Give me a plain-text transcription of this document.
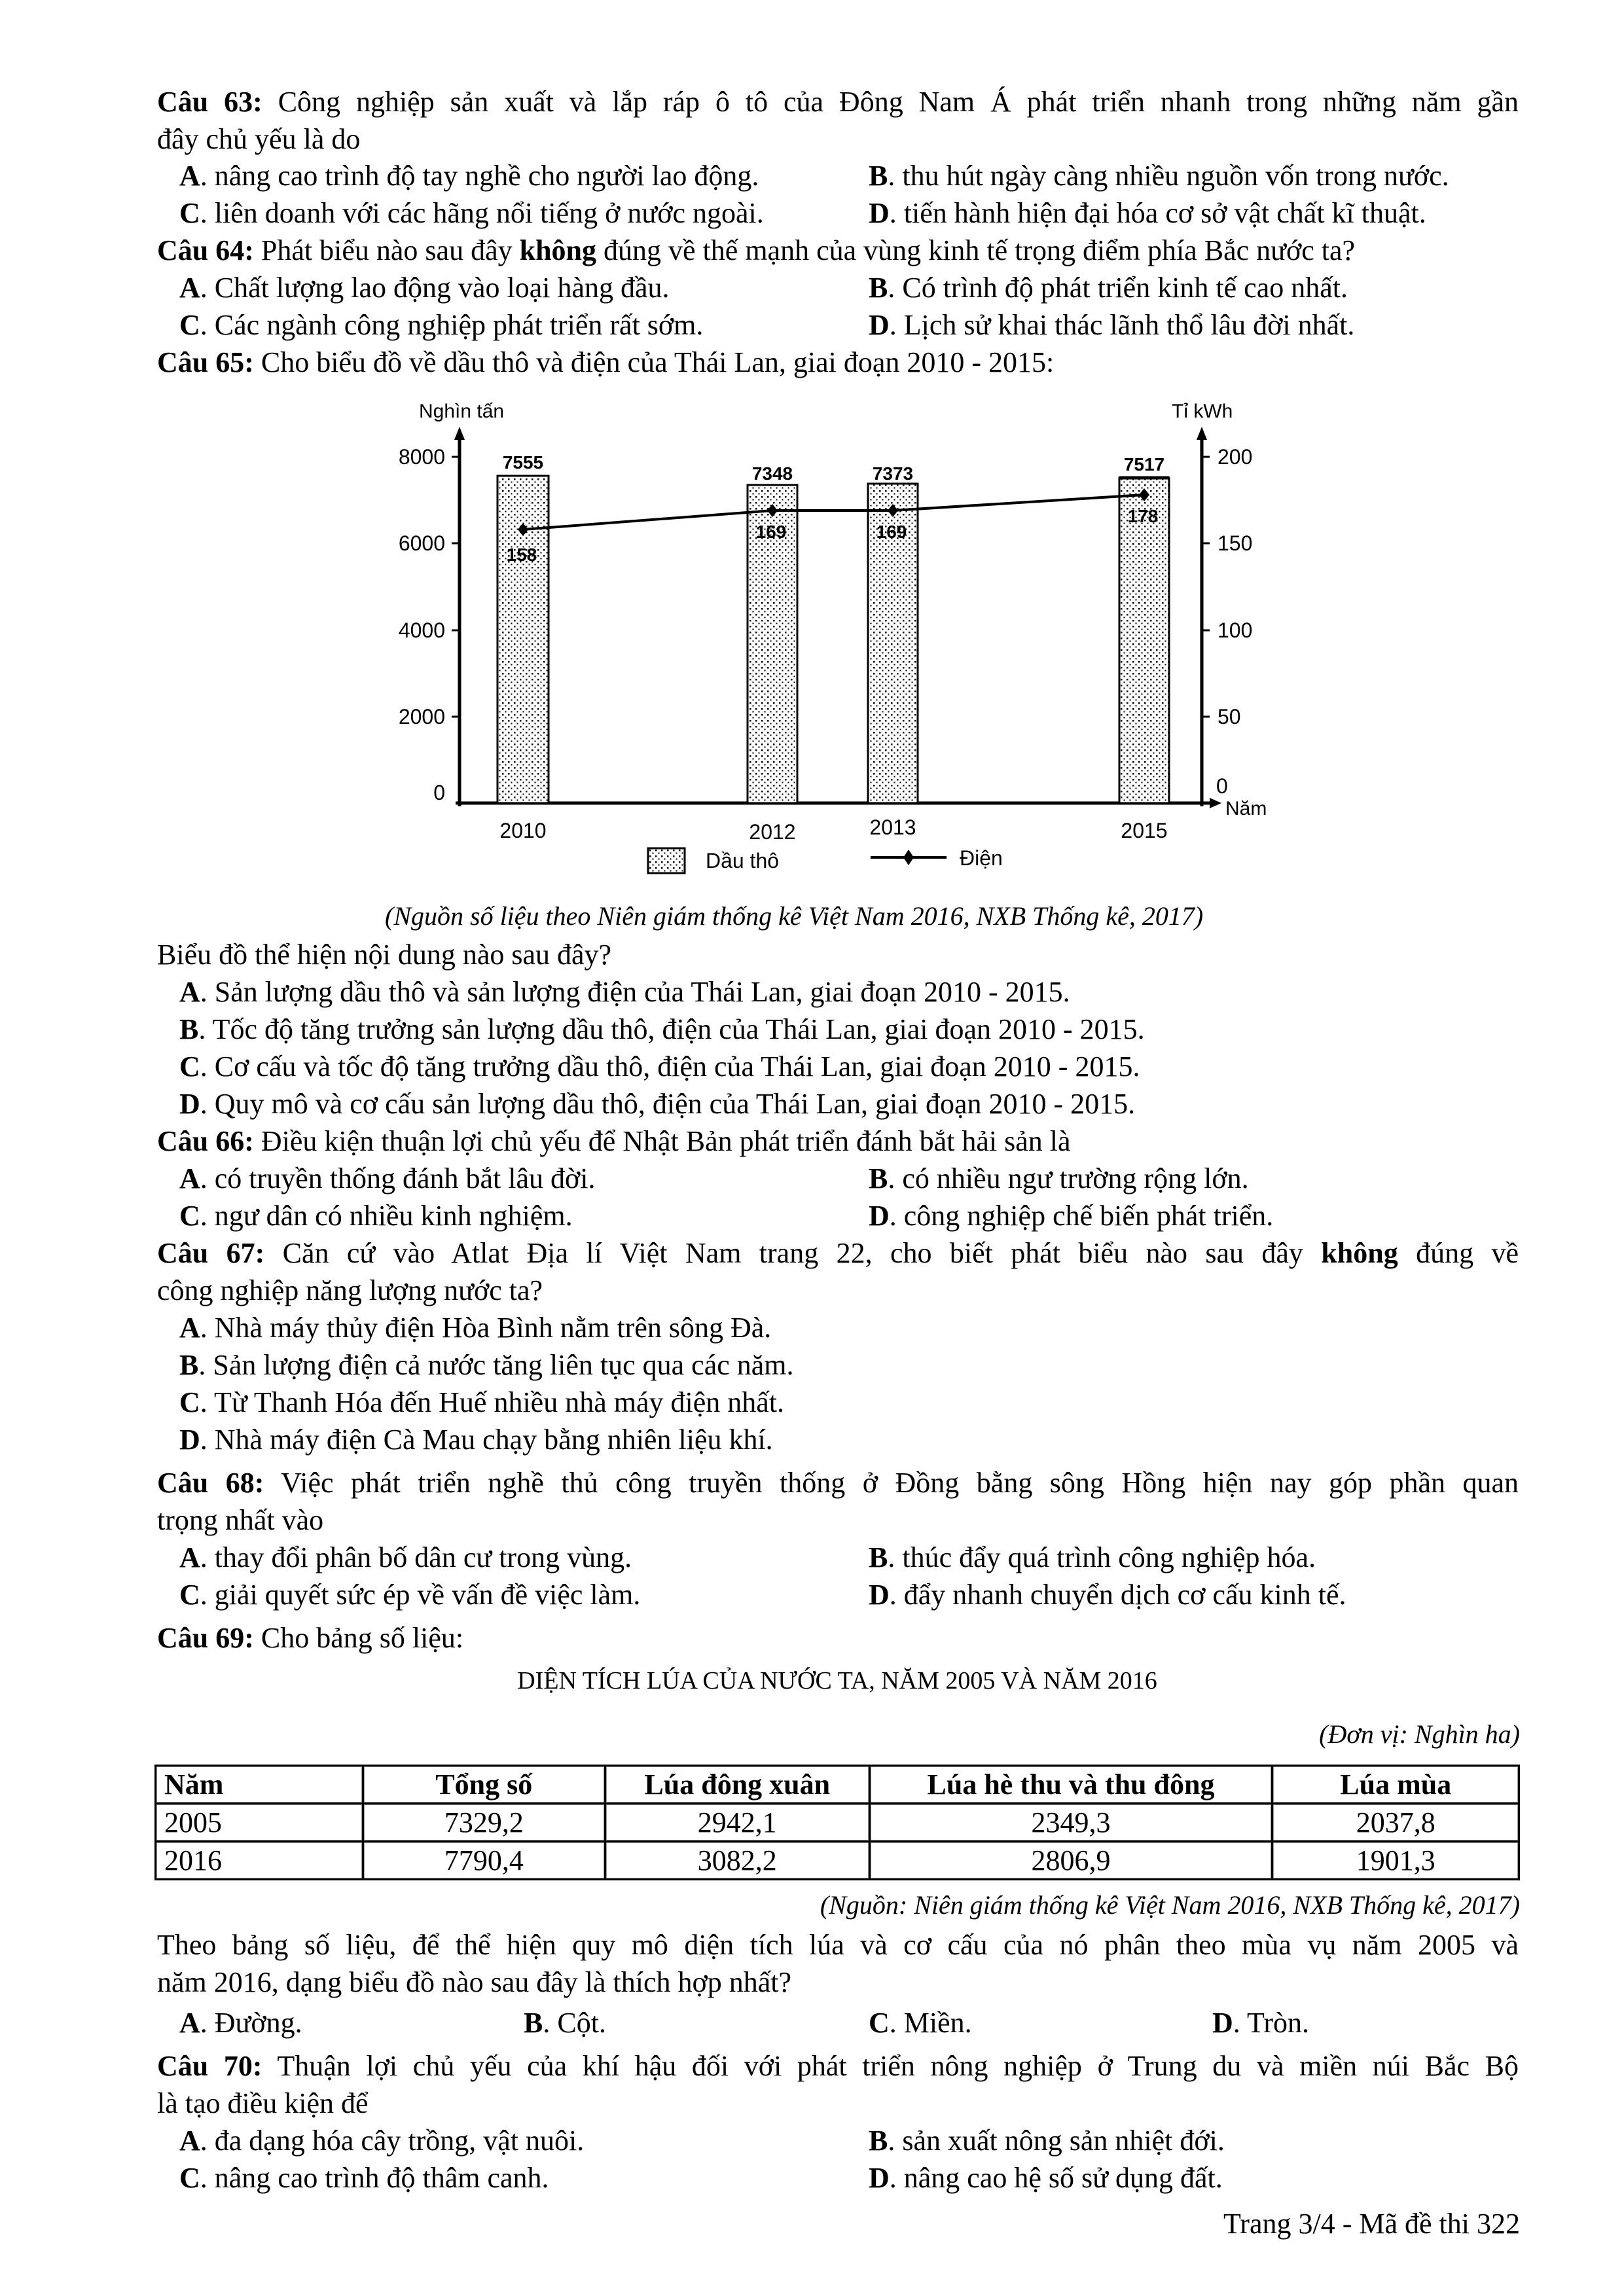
Câu 63: Công nghiệp sản xuất và lắp ráp ô tô của Đông Nam Á phát triển nhanh trong những năm gần
đây chủ yếu là do
A. nâng cao trình độ tay nghề cho người lao động.	B. thu hút ngày càng nhiều nguồn vốn trong nước.
C. liên doanh với các hãng nổi tiếng ở nước ngoài.	D. tiến hành hiện đại hóa cơ sở vật chất kĩ thuật.
Câu 64: Phát biểu nào sau đây không đúng về thế mạnh của vùng kinh tế trọng điểm phía Bắc nước ta?
A. Chất lượng lao động vào loại hàng đầu.	B. Có trình độ phát triển kinh tế cao nhất.
C. Các ngành công nghiệp phát triển rất sớm.	D. Lịch sử khai thác lãnh thổ lâu đời nhất.
Câu 65: Cho biểu đồ về dầu thô và điện của Thái Lan, giai đoạn 2010 - 2015:
Nghìn tấn	Tỉ kWh
Năm
8000
6000
4000
2000
0
200
150
100
50
0
7555
7348	7373	7517
158
169	169
178
2010	2012	2013	2015
Dầu thô	Điện
(Nguồn số liệu theo Niên giám thống kê Việt Nam 2016, NXB Thống kê, 2017)
Biểu đồ thể hiện nội dung nào sau đây?
A. Sản lượng dầu thô và sản lượng điện của Thái Lan, giai đoạn 2010 - 2015.
B. Tốc độ tăng trưởng sản lượng dầu thô, điện của Thái Lan, giai đoạn 2010 - 2015.
C. Cơ cấu và tốc độ tăng trưởng dầu thô, điện của Thái Lan, giai đoạn 2010 - 2015.
D. Quy mô và cơ cấu sản lượng dầu thô, điện của Thái Lan, giai đoạn 2010 - 2015.
Câu 66: Điều kiện thuận lợi chủ yếu để Nhật Bản phát triển đánh bắt hải sản là
A. có truyền thống đánh bắt lâu đời.	B. có nhiều ngư trường rộng lớn.
C. ngư dân có nhiều kinh nghiệm.	D. công nghiệp chế biến phát triển.
Câu 67: Căn cứ vào Atlat Địa lí Việt Nam trang 22, cho biết phát biểu nào sau đây không đúng về
công nghiệp năng lượng nước ta?
A. Nhà máy thủy điện Hòa Bình nằm trên sông Đà.
B. Sản lượng điện cả nước tăng liên tục qua các năm.
C. Từ Thanh Hóa đến Huế nhiều nhà máy điện nhất.
D. Nhà máy điện Cà Mau chạy bằng nhiên liệu khí.
Câu 68: Việc phát triển nghề thủ công truyền thống ở Đồng bằng sông Hồng hiện nay góp phần quan
trọng nhất vào
A. thay đổi phân bố dân cư trong vùng.	B. thúc đẩy quá trình công nghiệp hóa.
C. giải quyết sức ép về vấn đề việc làm.	D. đẩy nhanh chuyển dịch cơ cấu kinh tế.
Câu 69: Cho bảng số liệu:
DIỆN TÍCH LÚA CỦA NƯỚC TA, NĂM 2005 VÀ NĂM 2016
(Đơn vị: Nghìn ha)
Năm	Tổng số	Lúa đông xuân	Lúa hè thu và thu đông	Lúa mùa
2005	7329,2	2942,1	2349,3	2037,8
2016	7790,4	3082,2	2806,9	1901,3
(Nguồn: Niên giám thống kê Việt Nam 2016, NXB Thống kê, 2017)
Theo bảng số liệu, để thể hiện quy mô diện tích lúa và cơ cấu của nó phân theo mùa vụ năm 2005 và
năm 2016, dạng biểu đồ nào sau đây là thích hợp nhất?
A. Đường.	B. Cột.	C. Miền.	D. Tròn.
Câu 70: Thuận lợi chủ yếu của khí hậu đối với phát triển nông nghiệp ở Trung du và miền núi Bắc Bộ
là tạo điều kiện để
A. đa dạng hóa cây trồng, vật nuôi.	B. sản xuất nông sản nhiệt đới.
C. nâng cao trình độ thâm canh.	D. nâng cao hệ số sử dụng đất.
Trang 3/4 - Mã đề thi 322
